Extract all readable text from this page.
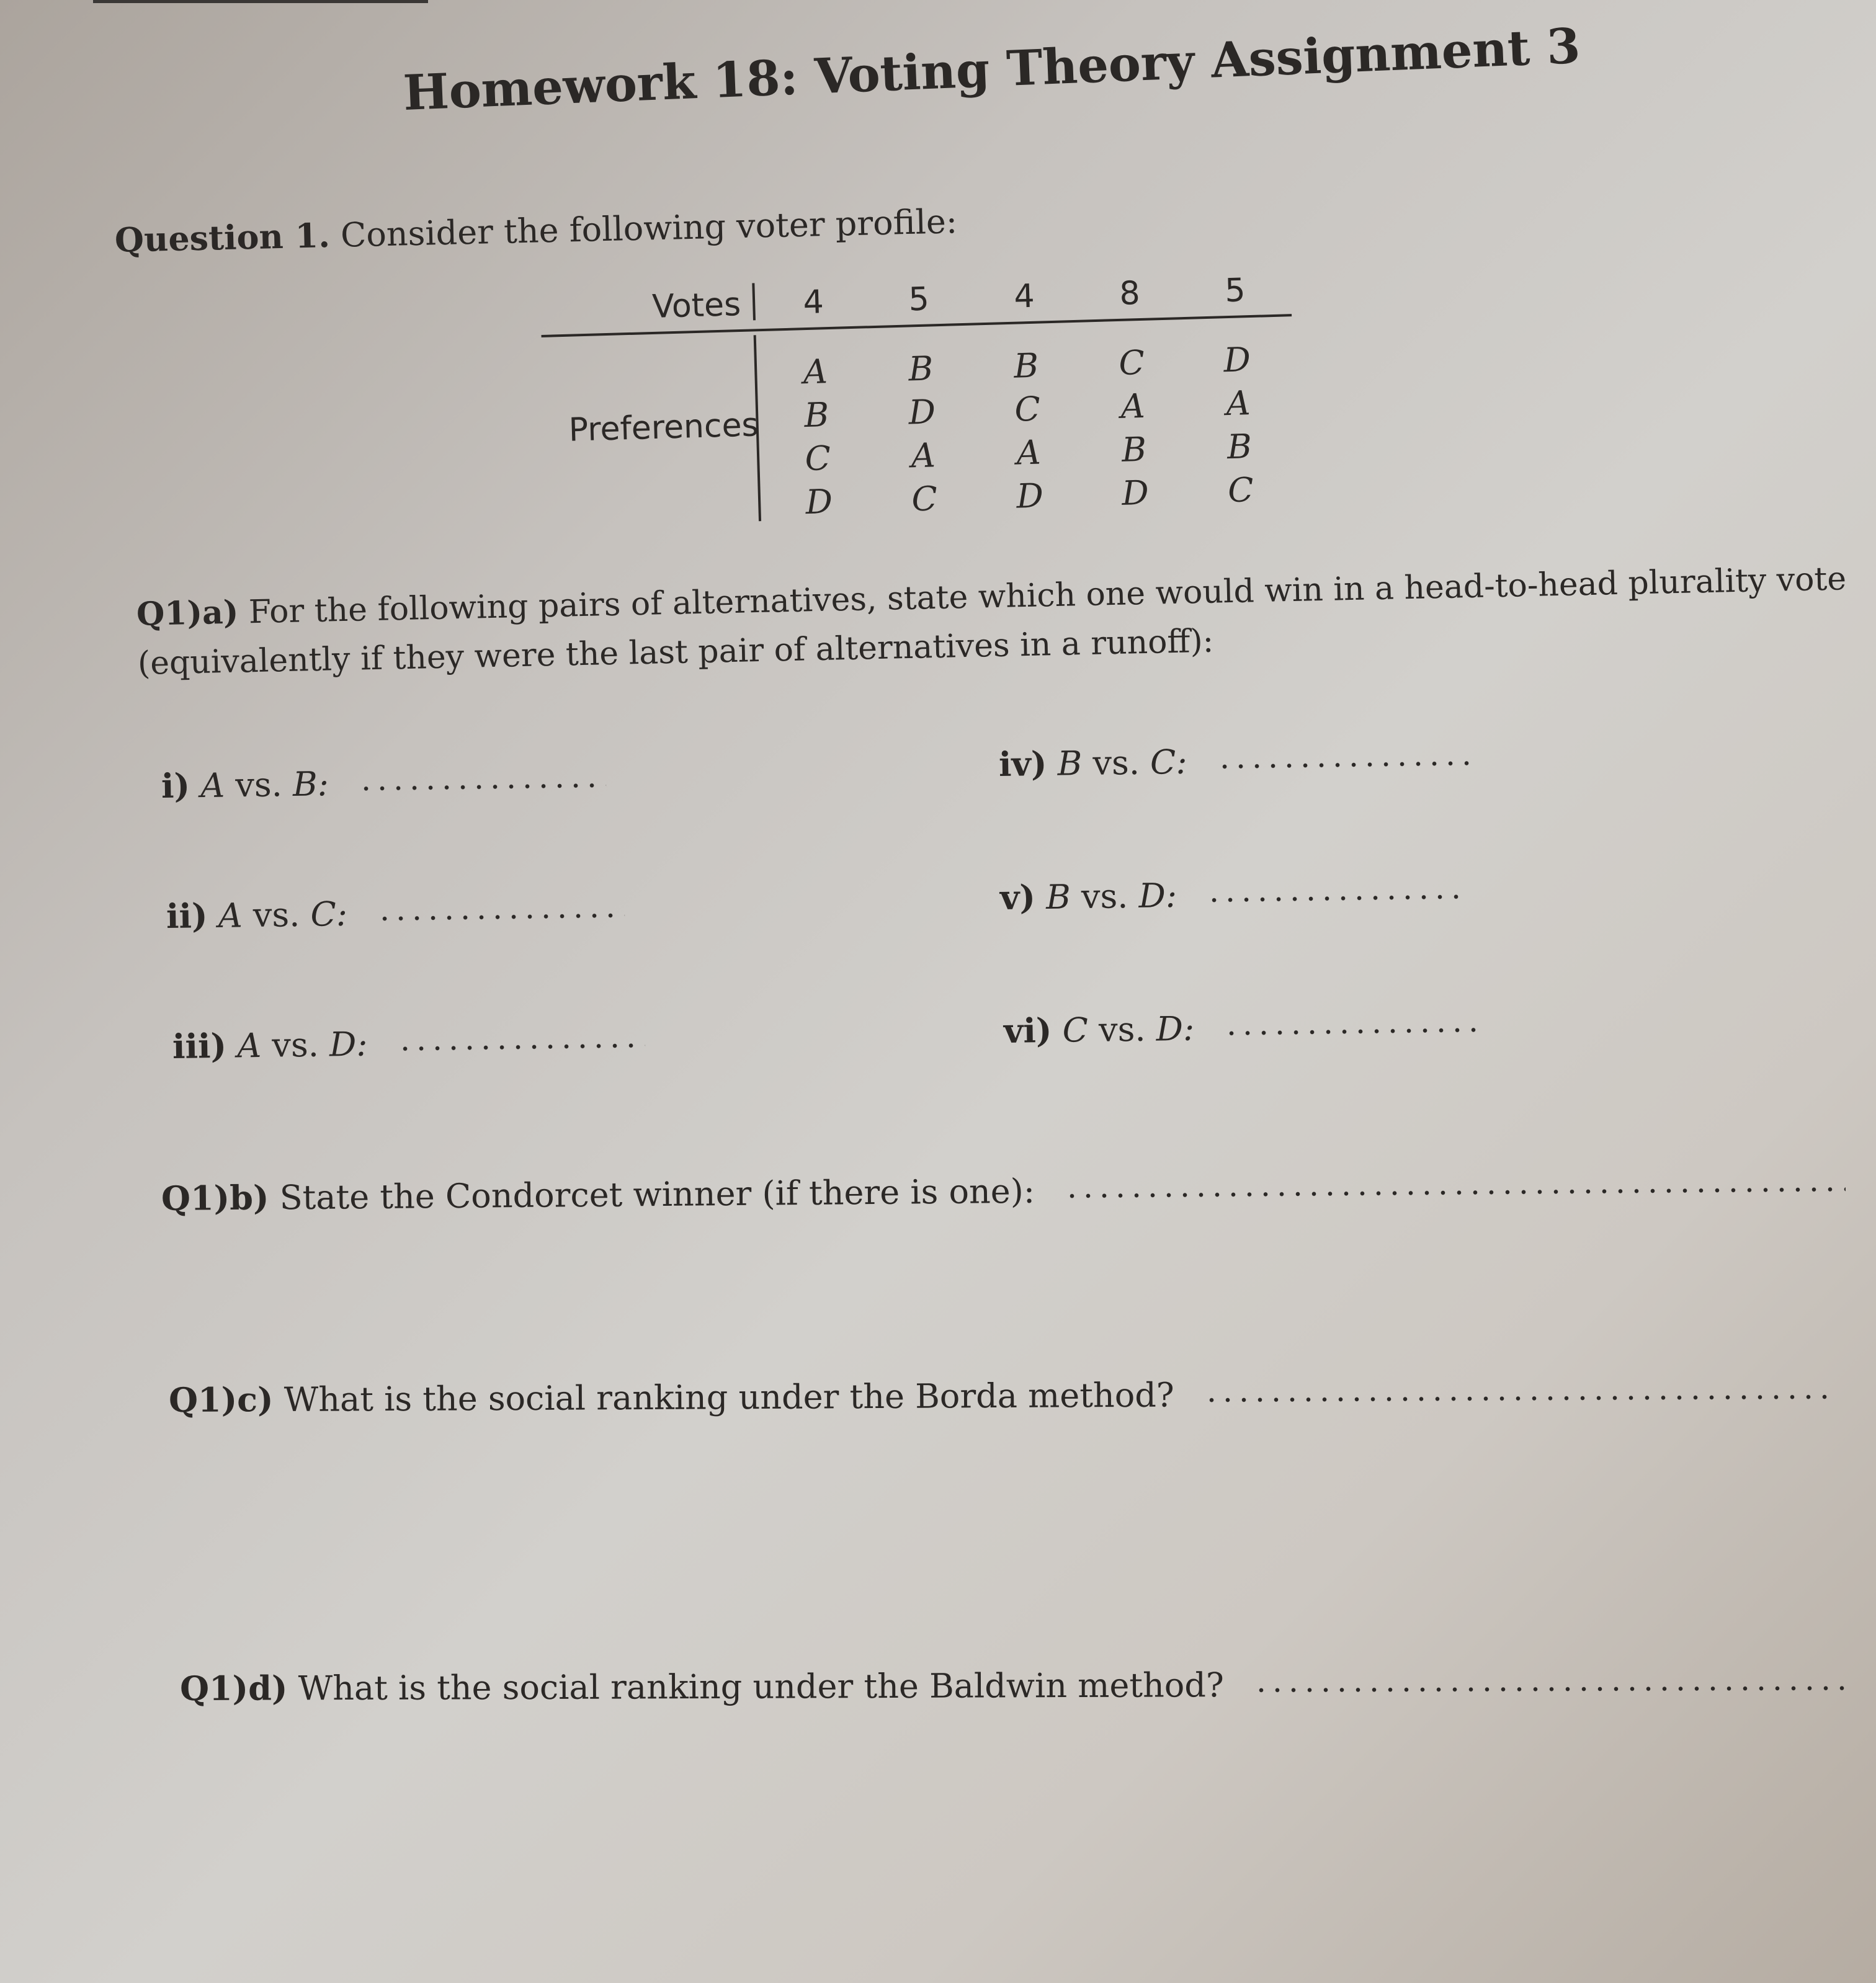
Homework 18: Voting Theory Assignment 3
Question 1. Consider the following voter profile:
Votes
Preferences
4
A
B
C
D
5
B
D
A
C
4
B
C
A
D
8
C
A
B
D
5
D
A
B
C
Q1)a) For the following pairs of alternatives, state which one would win in a head-to-head plurality vote
(equivalently if they were the last pair of alternatives in a runoff):
i) A vs. B:
ii) A vs. C:
iii) A vs. D:
iv) B vs. C:
v) B vs. D:
vi) C vs. D:
Q1)b) State the Condorcet winner (if there is one):
Q1)c) What is the social ranking under the Borda method?
Q1)d) What is the social ranking under the Baldwin method?
